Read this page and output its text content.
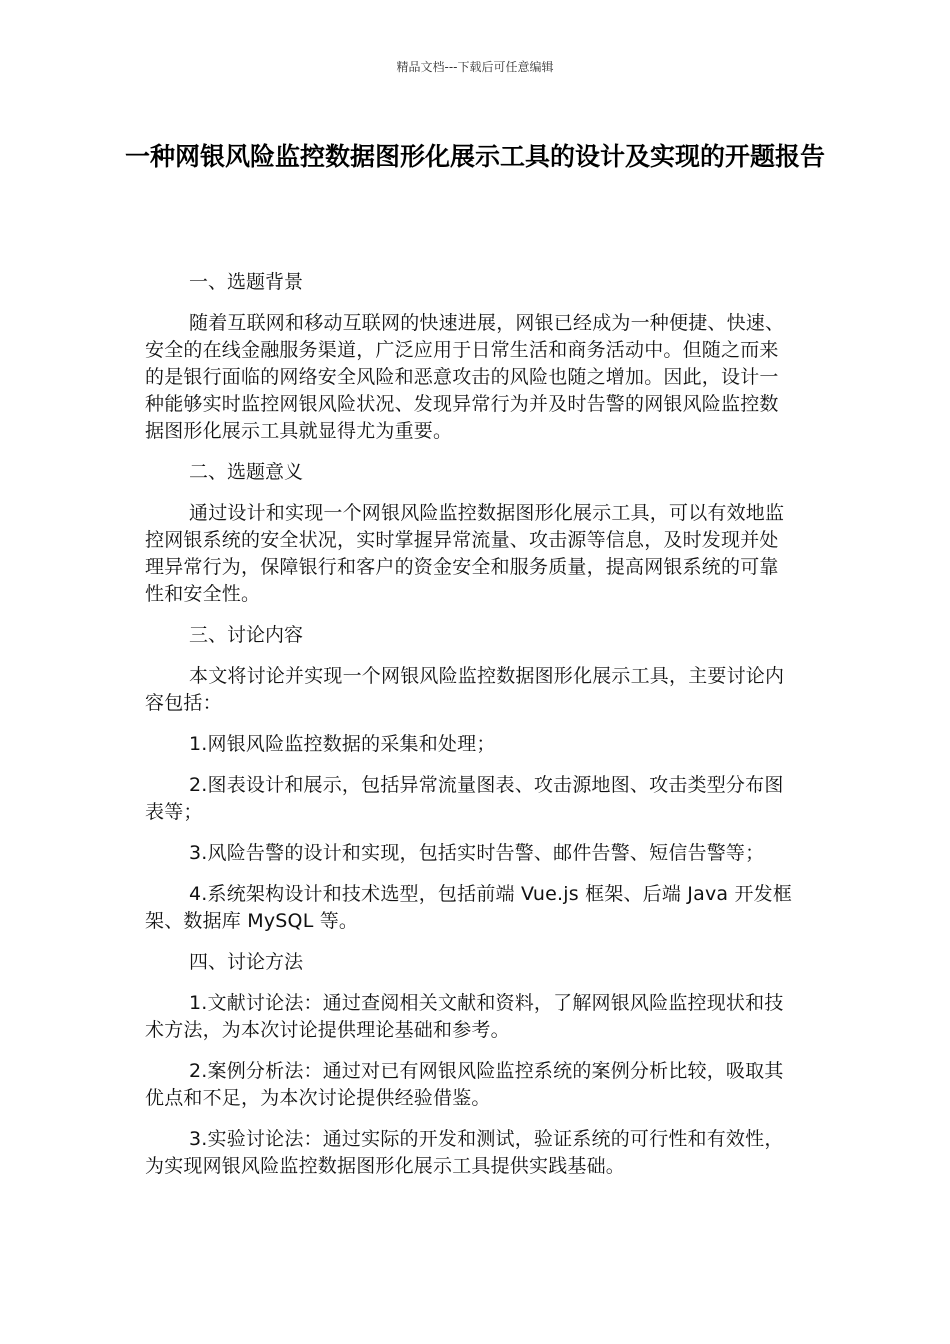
精品文档---下载后可任意编辑
一种网银风险监控数据图形化展示工具的设计及实现的开题报告

一、选题背景

随着互联网和移动互联网的快速进展，网银已经成为一种便捷、快速、安全的在线金融服务渠道，广泛应用于日常生活和商务活动中。但随之而来的是银行面临的网络安全风险和恶意攻击的风险也随之增加。因此，设计一种能够实时监控网银风险状况、发现异常行为并及时告警的网银风险监控数据图形化展示工具就显得尤为重要。

二、选题意义

通过设计和实现一个网银风险监控数据图形化展示工具，可以有效地监控网银系统的安全状况，实时掌握异常流量、攻击源等信息，及时发现并处理异常行为，保障银行和客户的资金安全和服务质量，提高网银系统的可靠性和安全性。

三、讨论内容

本文将讨论并实现一个网银风险监控数据图形化展示工具，主要讨论内容包括：

1.网银风险监控数据的采集和处理；

2.图表设计和展示，包括异常流量图表、攻击源地图、攻击类型分布图表等；

3.风险告警的设计和实现，包括实时告警、邮件告警、短信告警等；

4.系统架构设计和技术选型，包括前端 Vue.js 框架、后端 Java 开发框架、数据库 MySQL 等。

四、讨论方法

1.文献讨论法：通过查阅相关文献和资料，了解网银风险监控现状和技术方法，为本次讨论提供理论基础和参考。

2.案例分析法：通过对已有网银风险监控系统的案例分析比较，吸取其优点和不足，为本次讨论提供经验借鉴。

3.实验讨论法：通过实际的开发和测试，验证系统的可行性和有效性，为实现网银风险监控数据图形化展示工具提供实践基础。
